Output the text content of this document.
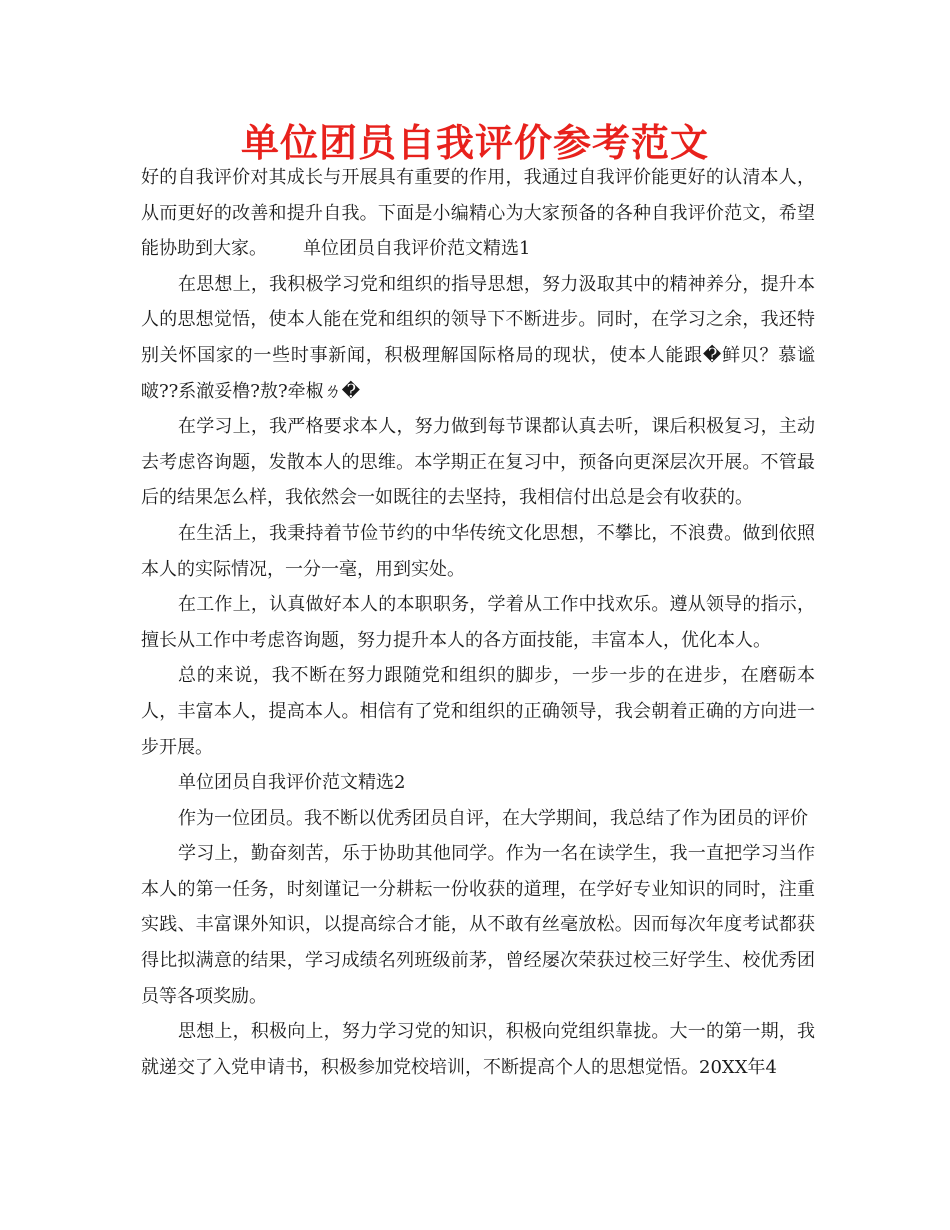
单位团员自我评价参考范文

好的自我评价对其成长与开展具有重要的作用，我通过自我评价能更好的认清本人，从而更好的改善和提升自我。下面是小编精心为大家预备的各种自我评价范文，希望能协助到大家。 单位团员自我评价范文精选1

在思想上，我积极学习党和组织的指导思想，努力汲取其中的精神养分，提升本人的思想觉悟，使本人能在党和组织的领导下不断进步。同时，在学习之余，我还特别关怀国家的一些时事新闻，积极理解国际格局的现状，使本人能跟�鲜贝？慕谧啵??系澈妥橹?敖?牵椒ㄌ�

在学习上，我严格要求本人，努力做到每节课都认真去听，课后积极复习，主动去考虑咨询题，发散本人的思维。本学期正在复习中，预备向更深层次开展。不管最后的结果怎么样，我依然会一如既往的去坚持，我相信付出总是会有收获的。

在生活上，我秉持着节俭节约的中华传统文化思想，不攀比，不浪费。做到依照本人的实际情况，一分一毫，用到实处。

在工作上，认真做好本人的本职职务，学着从工作中找欢乐。遵从领导的指示，擅长从工作中考虑咨询题，努力提升本人的各方面技能，丰富本人，优化本人。

总的来说，我不断在努力跟随党和组织的脚步，一步一步的在进步，在磨砺本人，丰富本人，提高本人。相信有了党和组织的正确领导，我会朝着正确的方向进一步开展。

单位团员自我评价范文精选2

作为一位团员。我不断以优秀团员自评，在大学期间，我总结了作为团员的评价

学习上，勤奋刻苦，乐于协助其他同学。作为一名在读学生，我一直把学习当作本人的第一任务，时刻谨记一分耕耘一份收获的道理，在学好专业知识的同时，注重实践、丰富课外知识，以提高综合才能，从不敢有丝毫放松。因而每次年度考试都获得比拟满意的结果，学习成绩名列班级前茅，曾经屡次荣获过校三好学生、校优秀团员等各项奖励。

思想上，积极向上，努力学习党的知识，积极向党组织靠拢。大一的第一期，我就递交了入党申请书，积极参加党校培训，不断提高个人的思想觉悟。20XX年4
